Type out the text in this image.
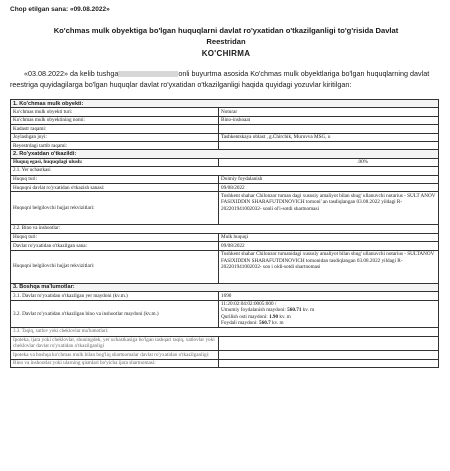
Chop etilgan sana: «09.08.2022»
Ko'chmas mulk obyektiga bo'lgan huquqlarni davlat ro'yxatidan o'tkazilganligi to'g'risida Davlat Reestridan
KO'CHIRMA
«03.08.2022» da kelib tushga	onli buyurtma asosida Ko'chmas mulk obyektlariga bo'lgan huquqlarning davlat reestriga quyidagilarga bo'lgan huquqlar davlat ro'yxatidan o'tkazilganligi haqida quyidagi yozuvlar kiritilgan:
1. Ko'chmas mulk obyekti:	
Ko'chmas mulk obyekti turi:	Noturar
Ko'chmas mulk obyektining nomi:	Bino-inshoaat
Kadastr raqami:	
Joylashgan joyi:	Tashkentskaya oblast , g.Chirchik, Muruvva MSG, u
Reyestrdagi tartib raqami:	
2. Ro'yxatdan o'tkazildi:	
Huquq egasi, huquqdagi ulush:	.00%
2.1. Yer uchastkasi	
Huquq turi:	Doimiy foydalanish
Huquqni davlat ro'yxatidan o'tkazish sanasi:	09/08/2022
Huquqni belgilovchi hujjat rekvizitlari:	Toshkent shahar Chilonzor tuman dagi xususiy amaliyot bilan shug' ullanuvchi notarius - SULT ANOV FASIXIDDIN SHARAFUTDINOVICH tomoni' an tasdiqlangan 03.08.2022 yildagi R-202201941002032- sonli ol'i-sotdi shartnomasi
2.2. Bino va inshootlar:	
Huquq turi:	Mulk huquqi
Davlat ro'yxatidan o'tkazilgan sana:	09/08/2022
Huquqni belgilovchi hujjat rekvizitlari:	Toshkent shahar Chilonzor tumanidagi xususiy amaliyot bilan shug' ullanuvchi notarius - SULTANOV FASIXIDDIN SHARAFUTDINOVICH tomonidan tasdiqlangan 03.08.2022 yildagi R-202201941002032- son i oldi-sotdi shartnomasi
3. Boshqa ma'lumotlar:	
3.1. Davlat ro'yxatidan o'tkazilgan yer maydoni (kv.m.)	1690
3.2. Davlat ro'yxatidan o'tkazilgan bino va inshootlar maydoni (kv.m.)	11:20:02:04:02:0005:000 /
Umumiy foydalanish maydoni: 560.71 kv. m
Qurilish osti maydoni: 1.90 kv. m
Foydali maydoni: 560.7 kv. m

3.3. Taqiq, xatlov yoki cheklovlar ma'lumotlari:	
Ipoteka, ijara yoki cheklovlar, shuningdek, yer uchastkasiga bo'lgan tashqari taqiq, xatlovlar yoki cheklovlar davlat ro'yxatidan o'tkazilganligi	
Ipoteka va boshqa ko'chmas mulk bilan bog'liq shartnomalar davlat ro'yxatidan o'tkazilganligi:	
Bino va inshootlar yoki ularning qismlari bo'yicha ijara shartnomasi:	
